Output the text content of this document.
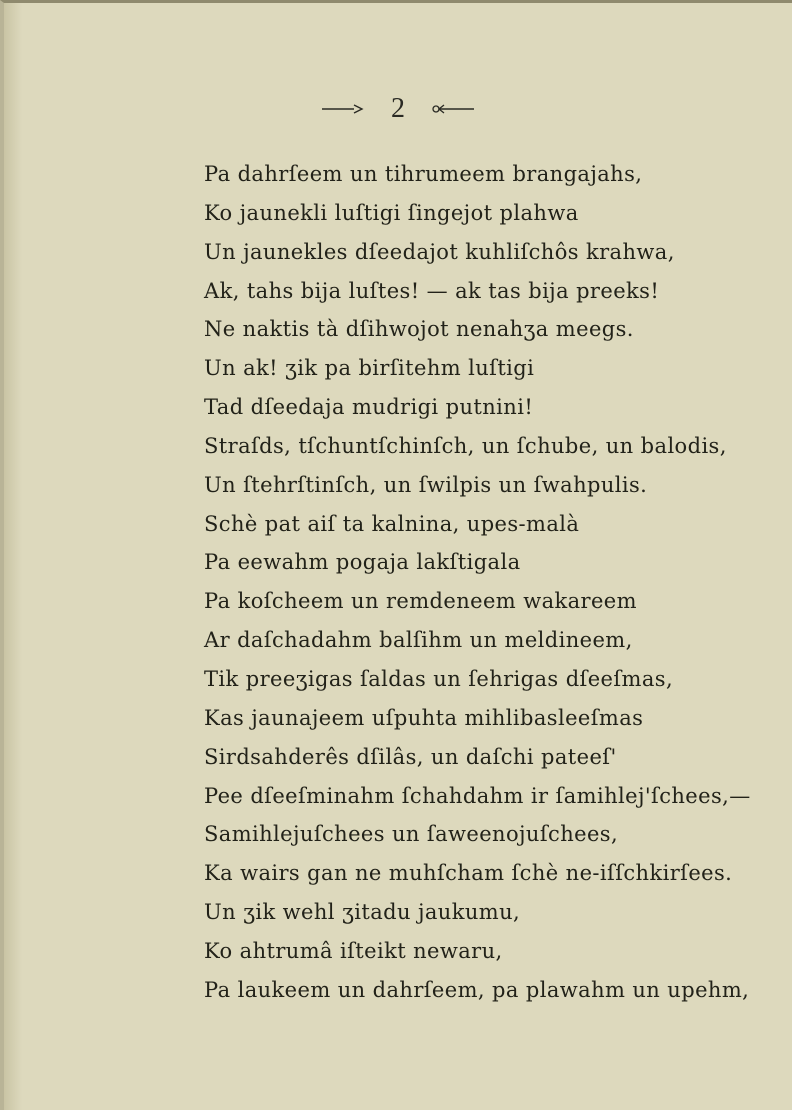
2
Pa dahrſeem un tihrumeem brangajahs,
Ko jaunekli luſtigi ſingejot plahwa
Un jaunekles dſeedajot kuhliſchôs krahwa,
Ak, tahs bija luſtes! — ak tas bija preeks!
Ne naktis tà dſihwojot nenahʒa meegs.
Un ak! ʒik pa birſitehm luſtigi
Tad dſeedaja mudrigi putnini!
Straſds, tſchuntſchinſch, un ſchube, un balodis,
Un ſtehrſtinſch, un ſwilpis un ſwahpulis.
Schè pat aiſ ta kalnina, upes-malà
Pa eewahm pogaja lakſtigala
Pa koſcheem un remdeneem wakareem
Ar daſchadahm balſihm un meldineem,
Tik preeʒigas ſaldas un ſehrigas dſeeſmas,
Kas jaunajeem uſpuhta mihlibasleeſmas
Sirdsahderês dſilâs, un daſchi pateeſ'
Pee dſeeſminahm ſchahdahm ir ſamihlej'ſchees,—
Samihlejuſchees un ſaweenojuſchees,
Ka wairs gan ne muhſcham ſchè ne-iſſchkirſees.
Un ʒik wehl ʒitadu jaukumu,
Ko ahtrumâ iſteikt newaru,
Pa laukeem un dahrſeem, pa plawahm un upehm,
